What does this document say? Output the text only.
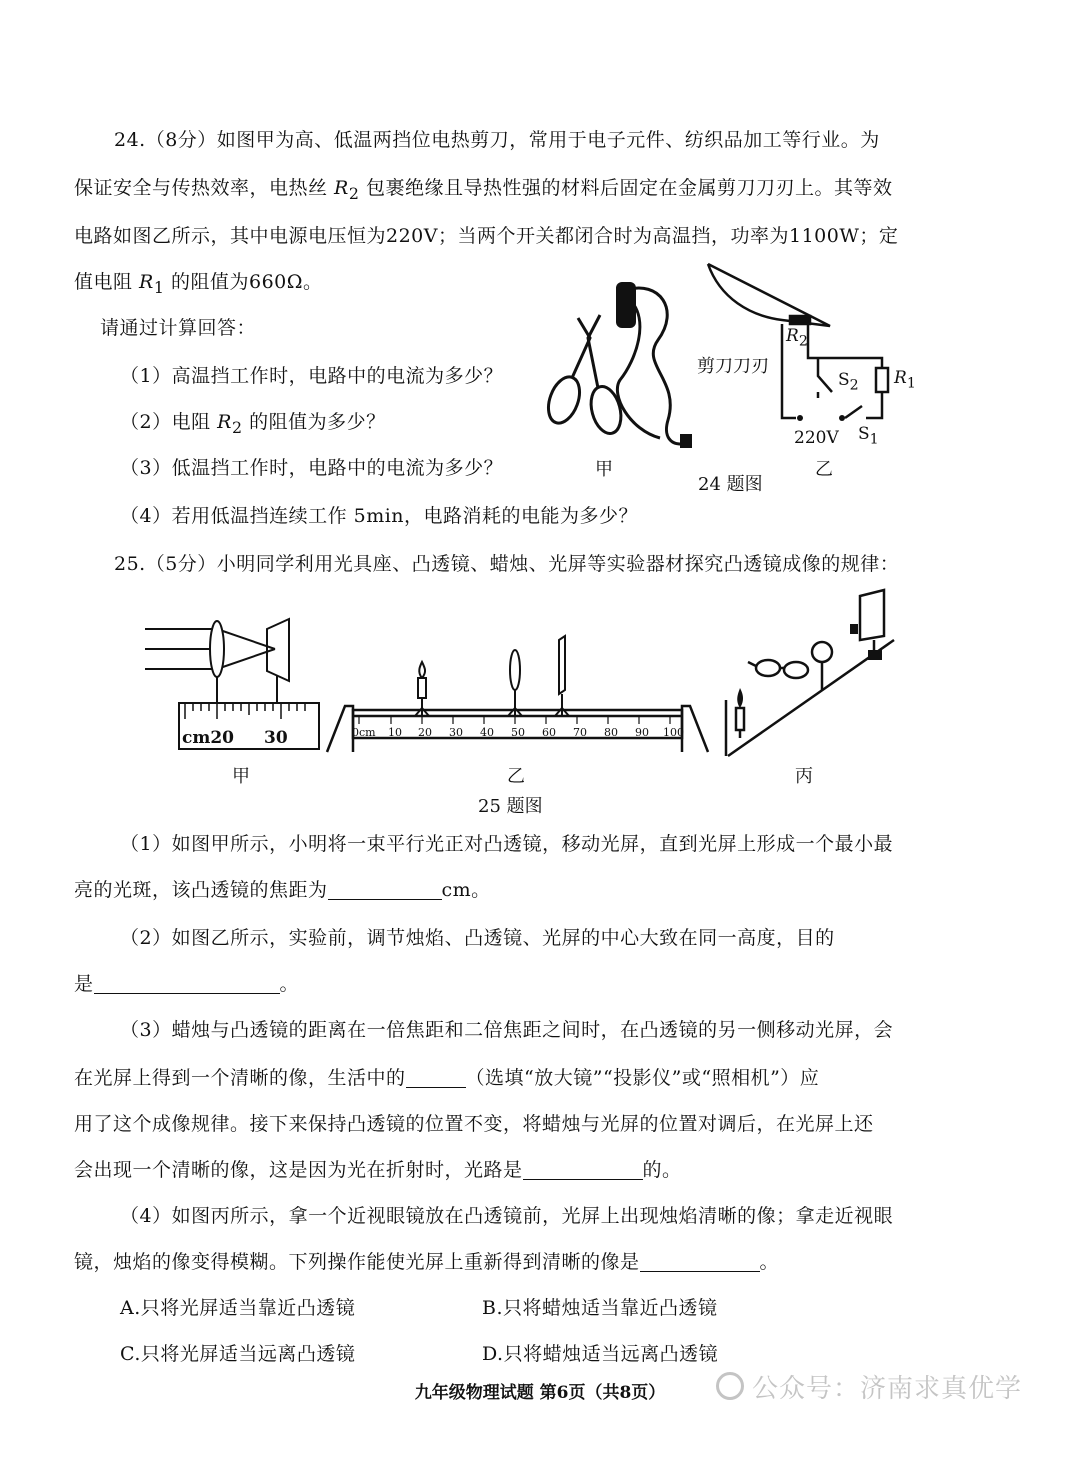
24.（8分）如图甲为高、低温两挡位电热剪刀，常用于电子元件、纺织品加工等行业。为
保证安全与传热效率，电热丝 $R_2$ 包裹绝缘且导热性强的材料后固定在金属剪刀刀刃上。其等效
电路如图乙所示，其中电源电压恒为220V；当两个开关都闭合时为高温挡，功率为1100W；定
值电阻 $R_1$ 的阻值为660Ω。
请通过计算回答：
（1）高温挡工作时，电路中的电流为多少？
（2）电阻 $R_2$ 的阻值为多少？
（3）低温挡工作时，电路中的电流为多少？
（4）若用低温挡连续工作 5min，电路消耗的电能为多少？
甲
剪刀刀刃
$R_2$
$S_2$ $R_1$
220V $S_1$
24 题图
乙
25.（5分）小明同学利用光具座、凸透镜、蜡烛、光屏等实验器材探究凸透镜成像的规律：
cm20 30
甲
0cm 10 20 30 40 50 60 70 80 90 100
乙	丙
25 题图
（1）如图甲所示，小明将一束平行光正对凸透镜，移动光屏，直到光屏上形成一个最小最
亮的光斑，该凸透镜的焦距为	cm。
（2）如图乙所示，实验前，调节烛焰、凸透镜、光屏的中心大致在同一高度，目的
是	。
（3）蜡烛与凸透镜的距离在一倍焦距和二倍焦距之间时，在凸透镜的另一侧移动光屏，会
在光屏上得到一个清晰的像，生活中的	（选填“放大镜”“投影仪”或“照相机”）应
用了这个成像规律。接下来保持凸透镜的位置不变，将蜡烛与光屏的位置对调后，在光屏上还
会出现一个清晰的像，这是因为光在折射时，光路是	的。
（4）如图丙所示，拿一个近视眼镜放在凸透镜前，光屏上出现烛焰清晰的像；拿走近视眼
镜，烛焰的像变得模糊。下列操作能使光屏上重新得到清晰的像是	。
A.只将光屏适当靠近凸透镜	B.只将蜡烛适当靠近凸透镜
C.只将光屏适当远离凸透镜	D.只将蜡烛适当远离凸透镜
九年级物理试题 第6页（共8页）	公众号：济南求真优学
